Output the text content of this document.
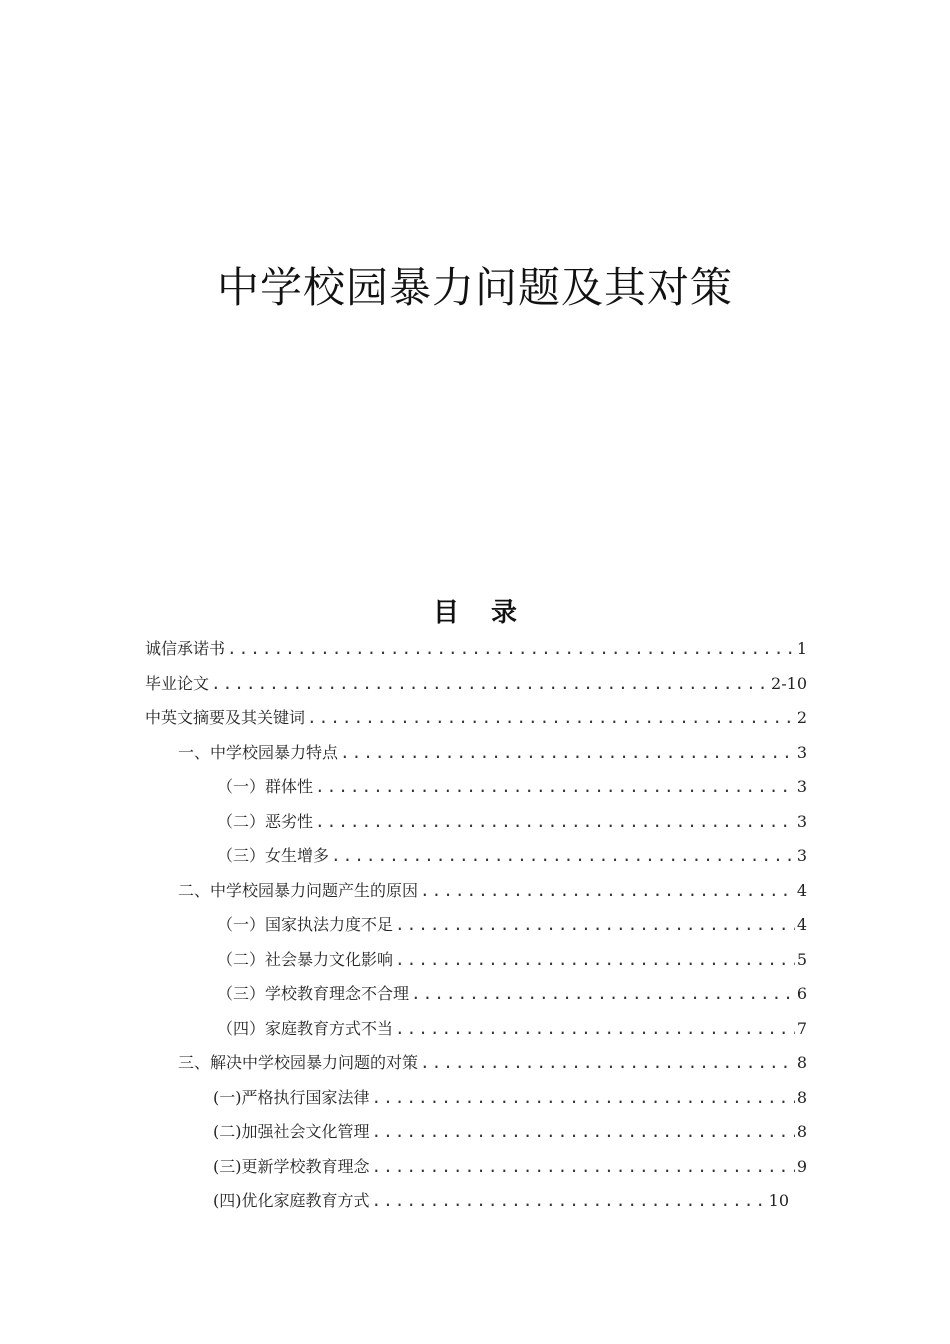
中学校园暴力问题及其对策
目 录
诚信承诺书 .....	1
毕业论文 .....	2-10
中英文摘要及其关键词 .....	2
一、中学校园暴力特点 .....	3
（一）群体性 .....	3
（二）恶劣性 .....	3
（三）女生增多 .....	3
二、中学校园暴力问题产生的原因 .....	4
（一）国家执法力度不足 .....	4
（二）社会暴力文化影响 .....	5
（三）学校教育理念不合理 .....	6
（四）家庭教育方式不当 .....	7
三、解决中学校园暴力问题的对策 .....	8
(一)严格执行国家法律 .....	8
(二)加强社会文化管理 .....	8
(三)更新学校教育理念 .....	9
(四)优化家庭教育方式 .....	10
